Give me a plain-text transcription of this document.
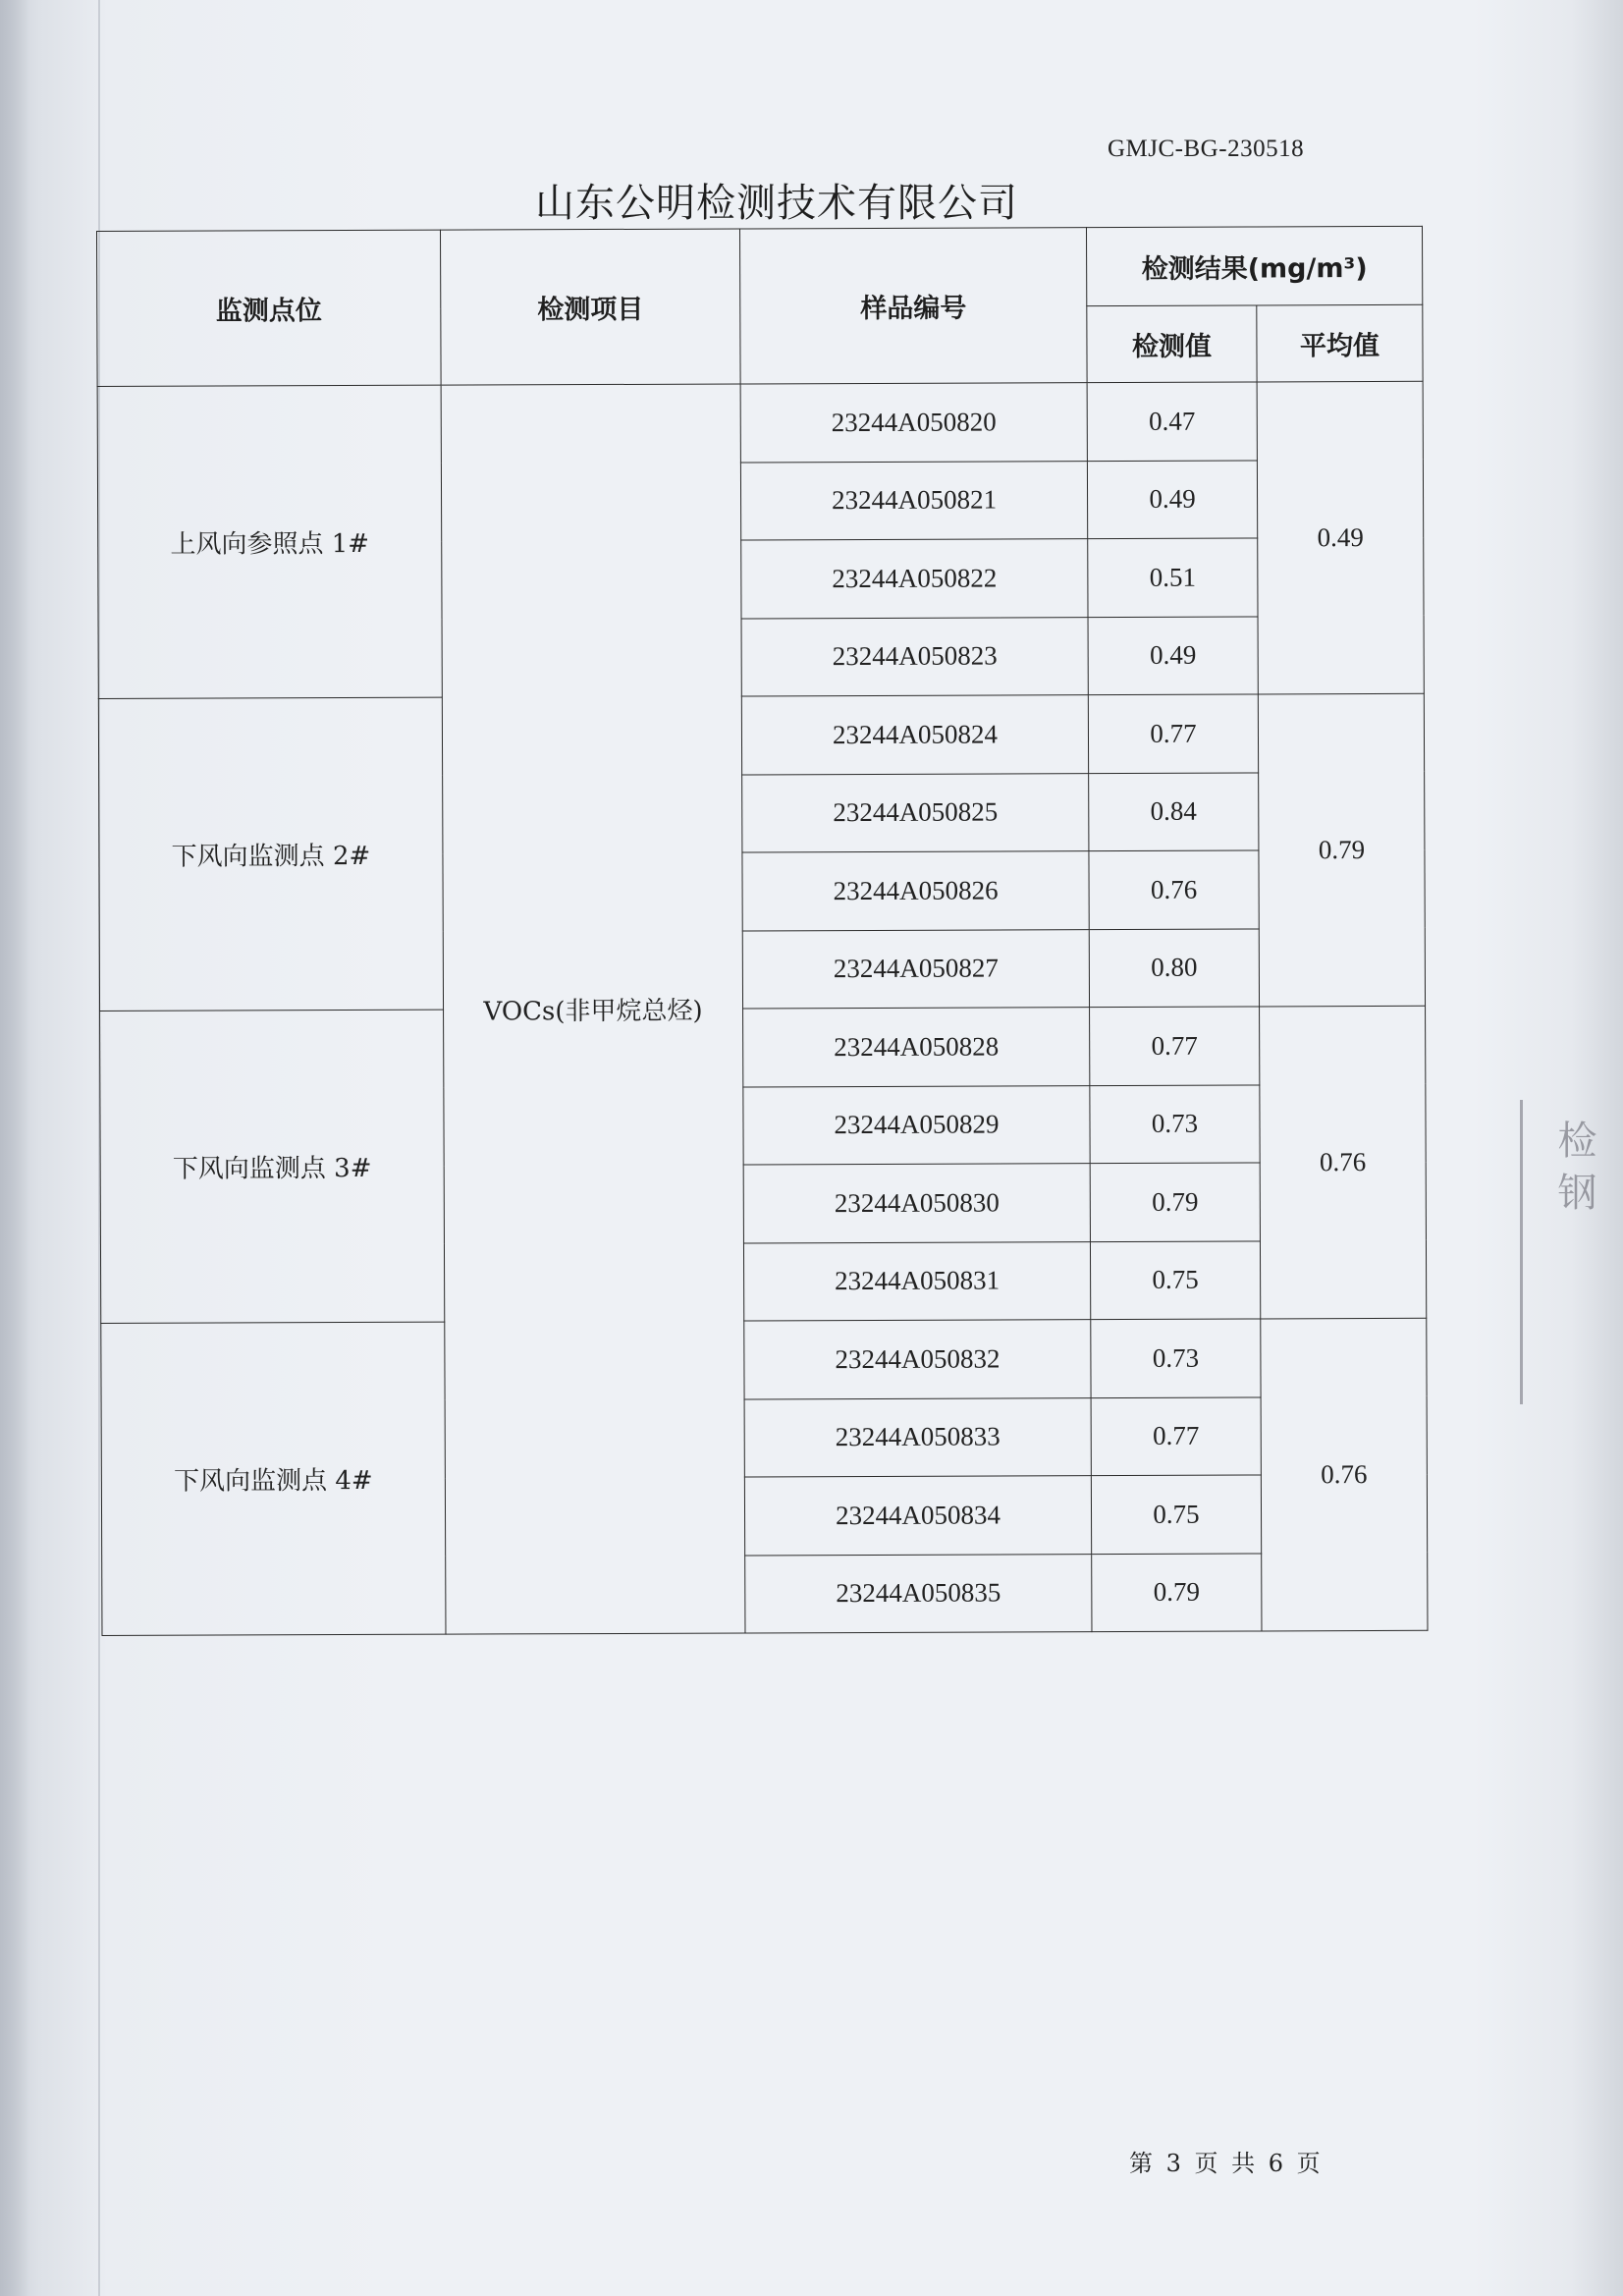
GMJC-BG-230518
山东公明检测技术有限公司
监测点位	检测项目	样品编号	检测结果(mg/m³)	
			检测值	平均值
上风向参照点 1#	VOCs(非甲烷总烃)	23244A050820	0.47	0.49
		23244A050821	0.49	
		23244A050822	0.51	
		23244A050823	0.49	
下风向监测点 2#		23244A050824	0.77	0.79
		23244A050825	0.84	
		23244A050826	0.76	
		23244A050827	0.80	
下风向监测点 3#		23244A050828	0.77	0.76
		23244A050829	0.73	
		23244A050830	0.79	
		23244A050831	0.75	
下风向监测点 4#		23244A050832	0.73	0.76
		23244A050833	0.77	
		23244A050834	0.75	
		23244A050835	0.79	
第 3 页 共 6 页
检 钢
